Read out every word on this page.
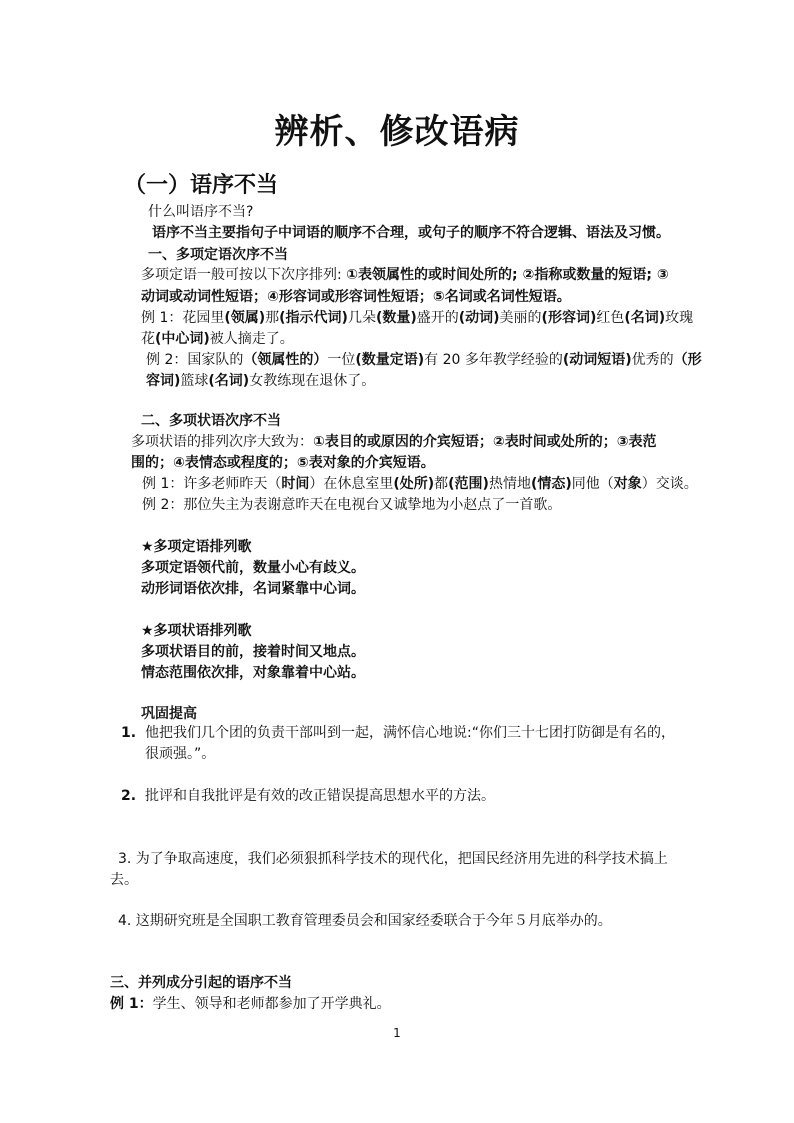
辨析、修改语病
（一）语序不当
什么叫语序不当?
语序不当主要指句子中词语的顺序不合理，或句子的顺序不符合逻辑、语法及习惯。
一、多项定语次序不当
多项定语一般可按以下次序排列: ①表领属性的或时间处所的; ②指称或数量的短语; ③
动词或动词性短语；④形容词或形容词性短语；⑤名词或名词性短语。
例 1：花园里(领属)那(指示代词)几朵(数量)盛开的(动词)美丽的(形容词)红色(名词)玫瑰
花(中心词)被人摘走了。
例 2：国家队的（领属性的）一位(数量定语)有 20 多年教学经验的(动词短语)优秀的（形
容词)篮球(名词)女教练现在退休了。
二、多项状语次序不当
多项状语的排列次序大致为：①表目的或原因的介宾短语；②表时间或处所的；③表范
围的；④表情态或程度的；⑤表对象的介宾短语。
例 1：许多老师昨天（时间）在休息室里(处所)都(范围)热情地(情态)同他（对象）交谈。
例 2：那位失主为表谢意昨天在电视台又诚挚地为小赵点了一首歌。
★多项定语排列歌
多项定语领代前，数量小心有歧义。
动形词语依次排，名词紧靠中心词。
★多项状语排列歌
多项状语目的前，接着时间又地点。
情态范围依次排，对象靠着中心站。
巩固提高
1. 他把我们几个团的负责干部叫到一起，满怀信心地说:“你们三十七团打防御是有名的，
很顽强。”。
2. 批评和自我批评是有效的改正错误提高思想水平的方法。
3. 为了争取高速度，我们必须狠抓科学技术的现代化，把国民经济用先进的科学技术搞上
去。
4. 这期研究班是全国职工教育管理委员会和国家经委联合于今年５月底举办的。
三、并列成分引起的语序不当
例 1：学生、领导和老师都参加了开学典礼。
1
